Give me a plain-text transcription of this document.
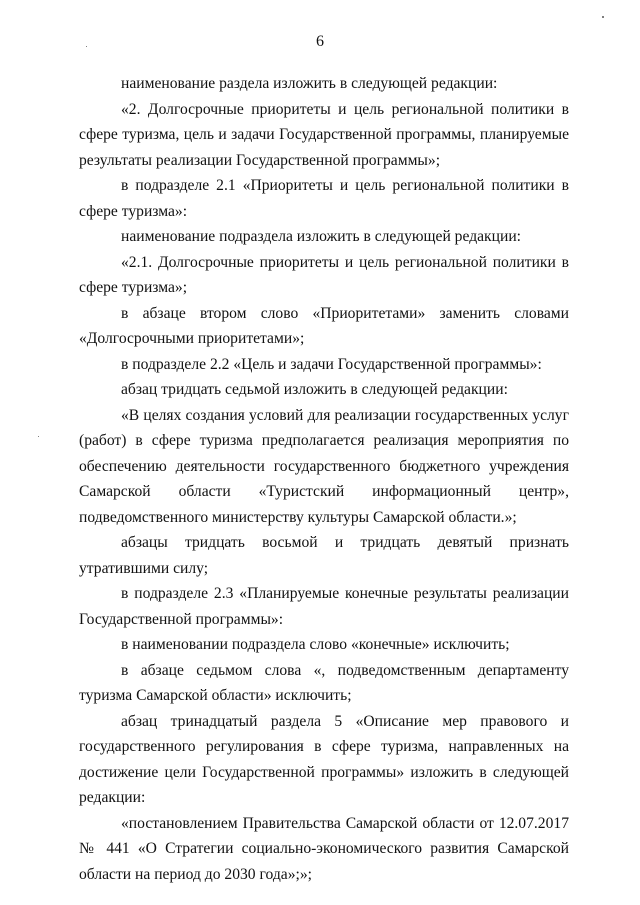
6

наименование раздела изложить в следующей редакции:

«2. Долгосрочные приоритеты и цель региональной политики в сфере туризма, цель и задачи Государственной программы, планируемые результаты реализации Государственной программы»;

в подразделе 2.1 «Приоритеты и цель региональной политики в сфере туризма»:

наименование подраздела изложить в следующей редакции:

«2.1. Долгосрочные приоритеты и цель региональной политики в сфере туризма»;

в абзаце втором слово «Приоритетами» заменить словами «Долгосрочными приоритетами»;

в подразделе 2.2 «Цель и задачи Государственной программы»:

абзац тридцать седьмой изложить в следующей редакции:

«В целях создания условий для реализации государственных услуг (работ) в сфере туризма предполагается реализация мероприятия по обеспечению деятельности государственного бюджетного учреждения Самарской области «Туристский информационный центр», подведомственного министерству культуры Самарской области.»;

абзацы тридцать восьмой и тридцать девятый признать утратившими силу;

в подразделе 2.3 «Планируемые конечные результаты реализации Государственной программы»:

в наименовании подраздела слово «конечные» исключить;

в абзаце седьмом слова «, подведомственным департаменту туризма Самарской области» исключить;

абзац тринадцатый раздела 5 «Описание мер правового и государственного регулирования в сфере туризма, направленных на достижение цели Государственной программы» изложить в следующей редакции:

«постановлением Правительства Самарской области от 12.07.2017 № 441 «О Стратегии социально-экономического развития Самарской области на период до 2030 года»;»;
